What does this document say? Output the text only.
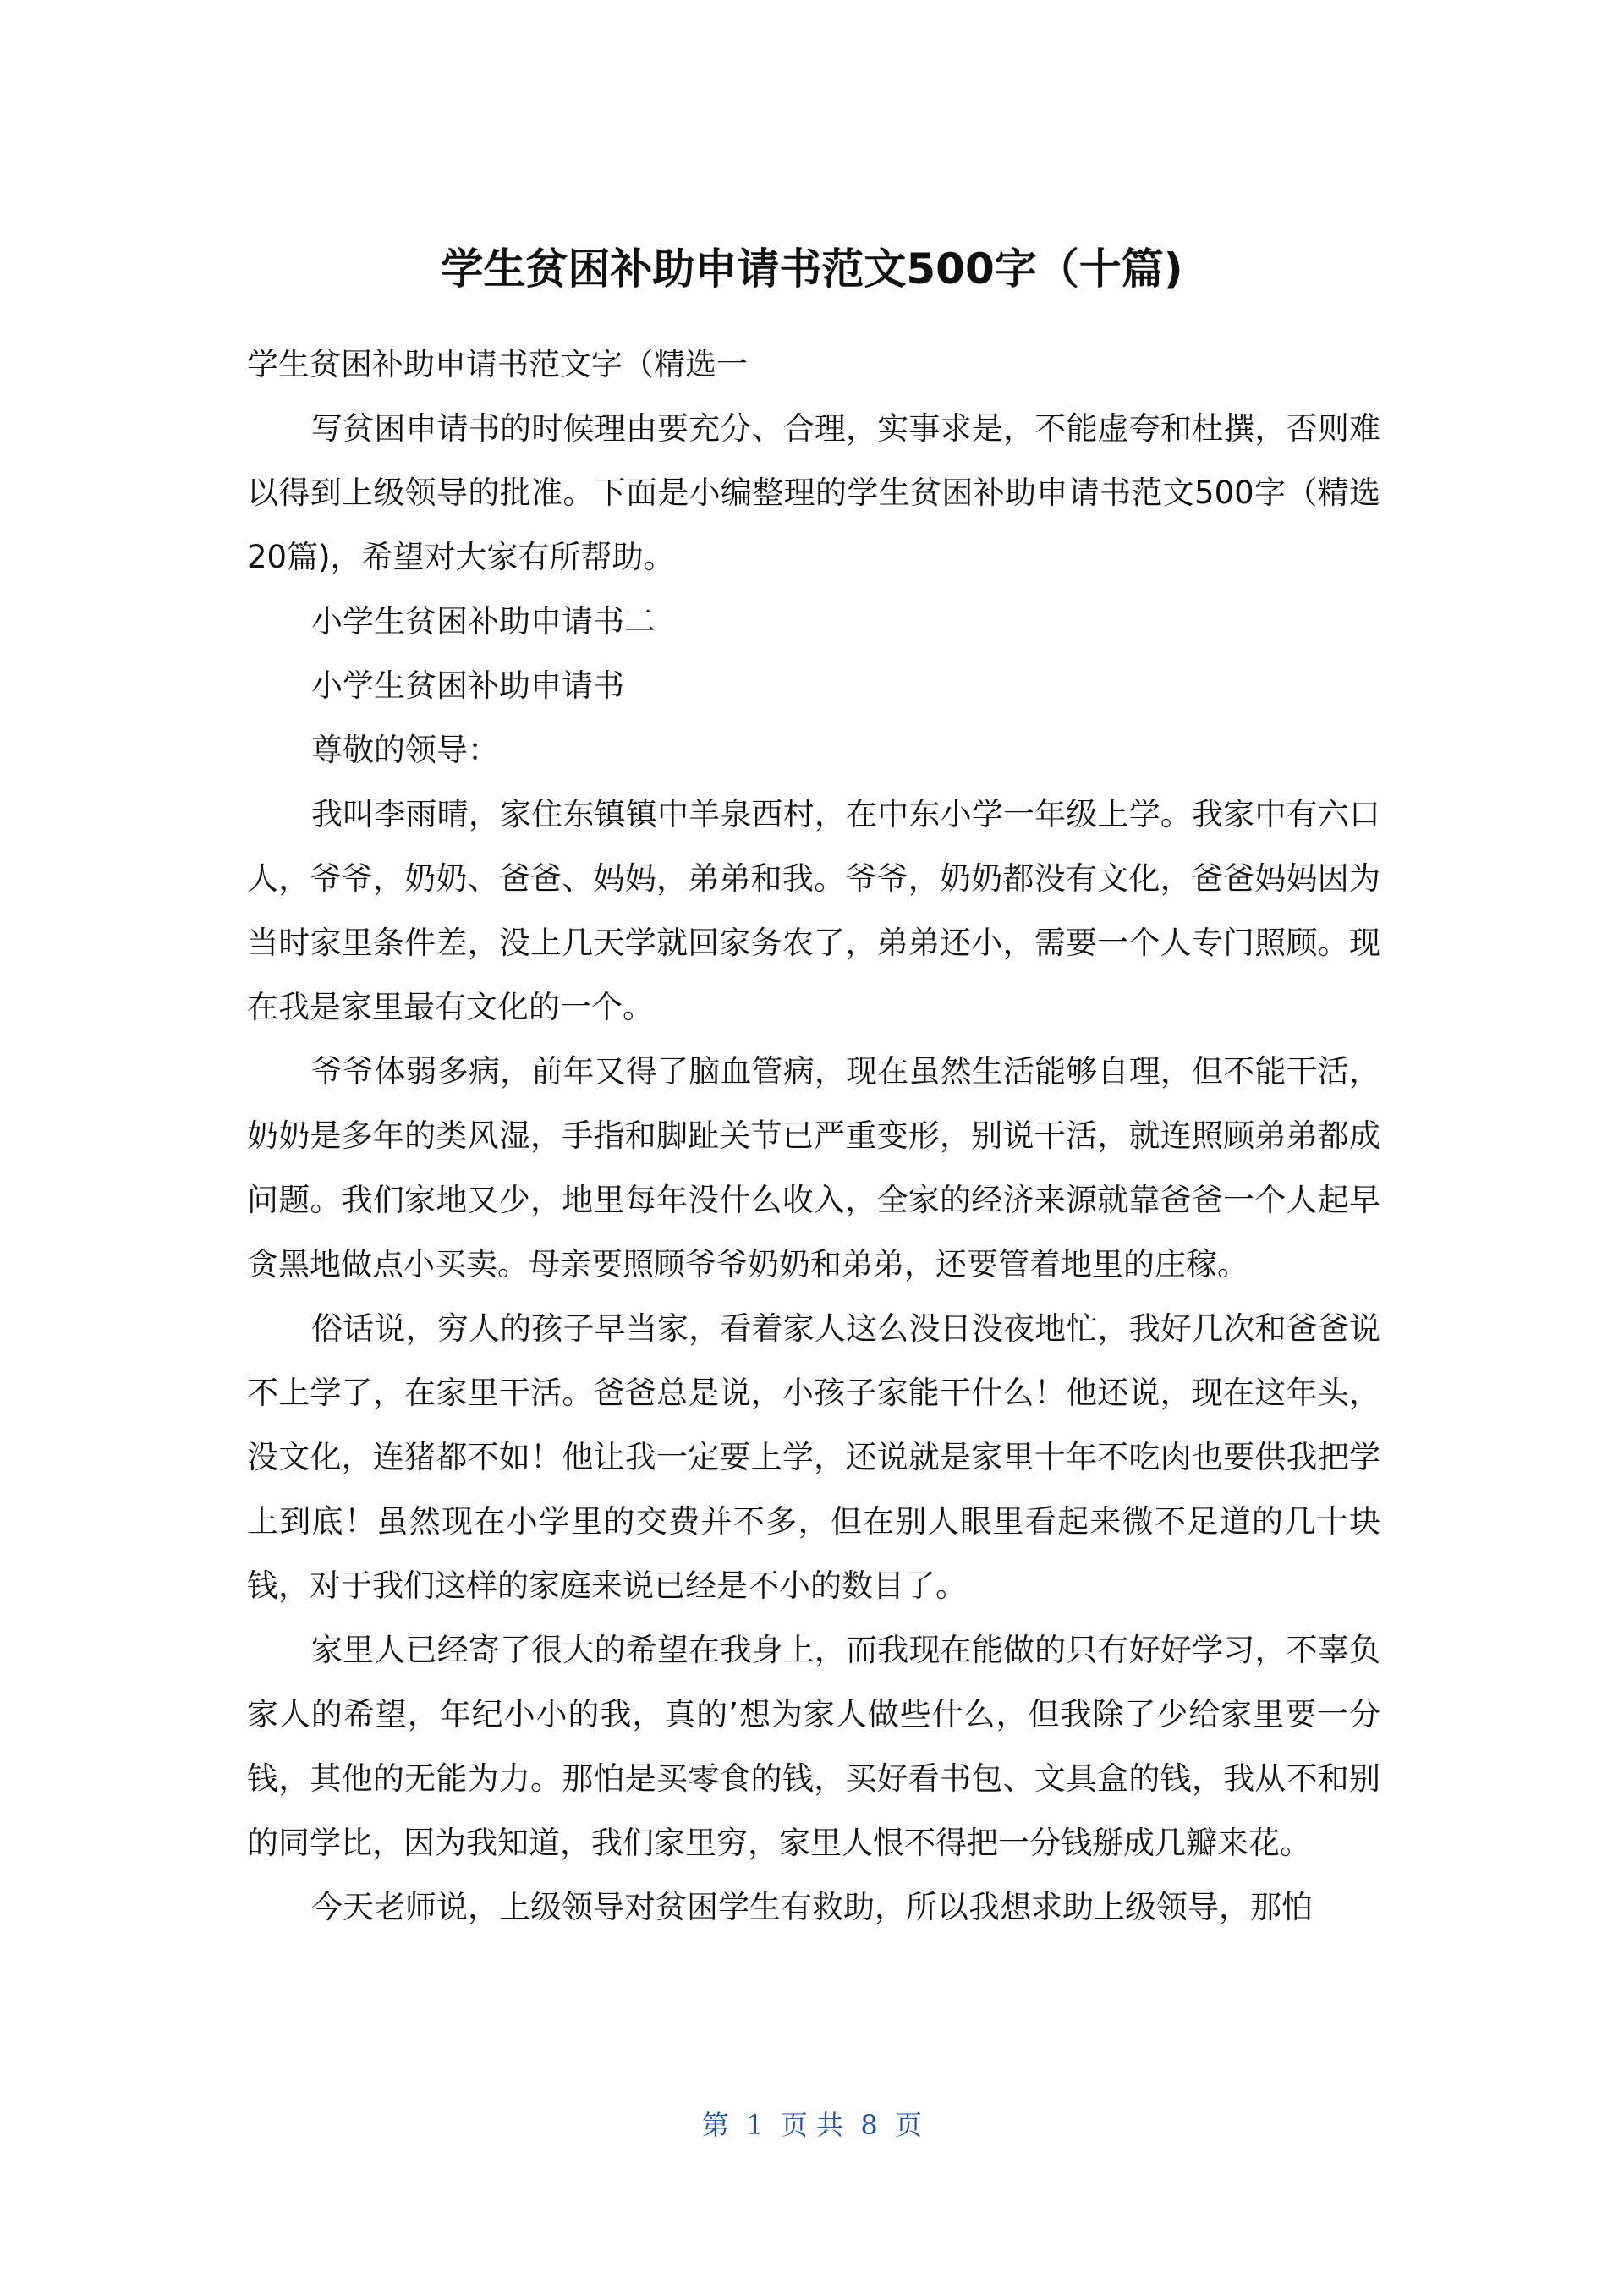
学生贫困补助申请书范文500字（十篇)

学生贫困补助申请书范文字（精选一

写贫困申请书的时候理由要充分、合理，实事求是，不能虚夸和杜撰，否则难以得到上级领导的批准。下面是小编整理的学生贫困补助申请书范文500字（精选20篇)，希望对大家有所帮助。

小学生贫困补助申请书二

小学生贫困补助申请书

尊敬的领导：

我叫李雨晴，家住东镇镇中羊泉西村，在中东小学一年级上学。我家中有六口人，爷爷，奶奶、爸爸、妈妈，弟弟和我。爷爷，奶奶都没有文化，爸爸妈妈因为当时家里条件差，没上几天学就回家务农了，弟弟还小，需要一个人专门照顾。现在我是家里最有文化的一个。

爷爷体弱多病，前年又得了脑血管病，现在虽然生活能够自理，但不能干活，奶奶是多年的类风湿，手指和脚趾关节已严重变形，别说干活，就连照顾弟弟都成问题。我们家地又少，地里每年没什么收入，全家的经济来源就靠爸爸一个人起早贪黑地做点小买卖。母亲要照顾爷爷奶奶和弟弟，还要管着地里的庄稼。

俗话说，穷人的孩子早当家，看着家人这么没日没夜地忙，我好几次和爸爸说不上学了，在家里干活。爸爸总是说，小孩子家能干什么！他还说，现在这年头，没文化，连猪都不如！他让我一定要上学，还说就是家里十年不吃肉也要供我把学上到底！虽然现在小学里的交费并不多，但在别人眼里看起来微不足道的几十块钱，对于我们这样的家庭来说已经是不小的数目了。

家里人已经寄了很大的希望在我身上，而我现在能做的只有好好学习，不辜负家人的希望，年纪小小的我，真的’想为家人做些什么，但我除了少给家里要一分钱，其他的无能为力。那怕是买零食的钱，买好看书包、文具盒的钱，我从不和别的同学比，因为我知道，我们家里穷，家里人恨不得把一分钱掰成几瓣来花。

今天老师说，上级领导对贫困学生有救助，所以我想求助上级领导，那怕

第  1  页 共  8  页
